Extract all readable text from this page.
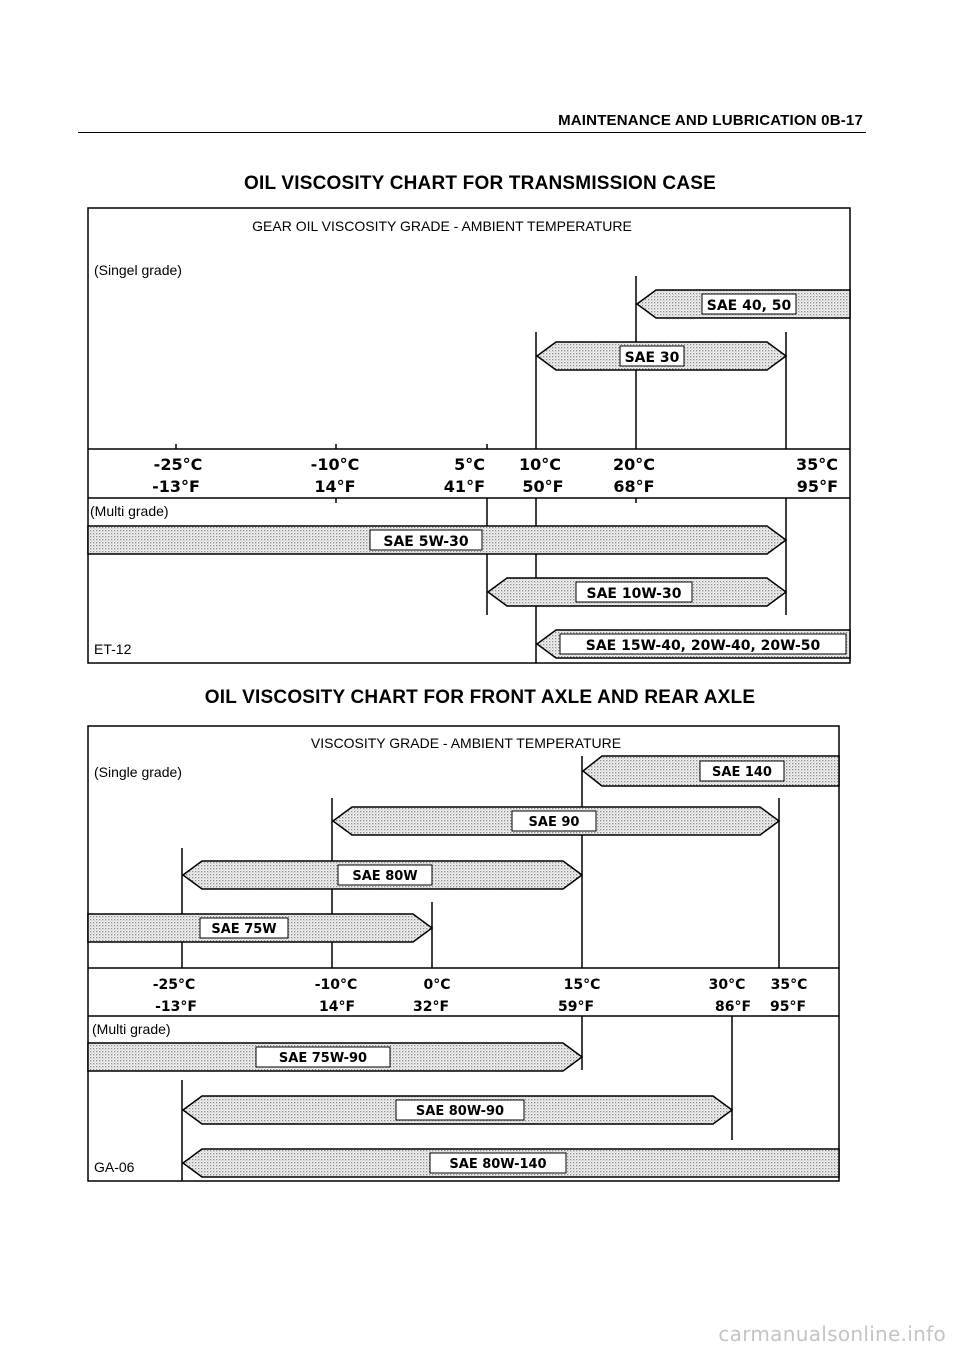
MAINTENANCE AND LUBRICATION 0B-17
OIL VISCOSITY CHART FOR TRANSMISSION CASE
GEAR OIL VISCOSITY GRADE - AMBIENT TEMPERATURE
(Singel grade)
(Multi grade)
ET-12
-25°C	-10°C	5°C 10°C	20°C	35°C
-13°F	14°F	41°F 50°F	68°F	95°F
SAE 40, 50
SAE 30
SAE 5W-30
SAE 10W-30
SAE 15W-40, 20W-40, 20W-50
OIL VISCOSITY CHART FOR FRONT AXLE AND REAR AXLE
VISCOSITY GRADE - AMBIENT TEMPERATURE
(Single grade)
(Multi grade)
GA-06
-25°C	-10°C	0°C	15°C	30°C 35°C
-13°F	14°F	32°F	59°F	86°F 95°F
SAE 140
SAE 90
SAE 80W
SAE 75W
SAE 75W-90
SAE 80W-90
SAE 80W-140
carmanualsonline.info
